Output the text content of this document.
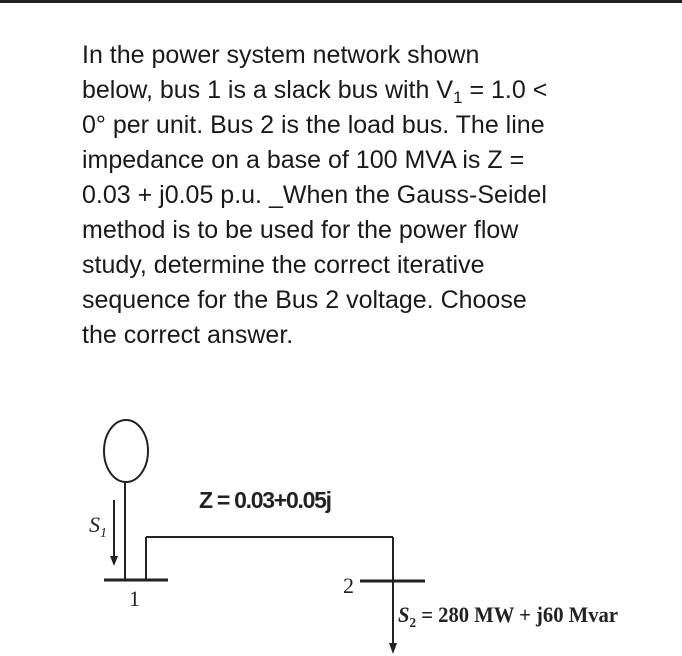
In the power system network shown
below, bus 1 is a slack bus with $V_1 = 1.0$ <
0° per unit. Bus 2 is the load bus. The line
impedance on a base of 100 MVA is Z =
0.03 + j0.05 p.u. _When the Gauss-Seidel
method is to be used for the power flow
study, determine the correct iterative
sequence for the Bus 2 voltage. Choose
the correct answer.
Z = 0.03+0.05j
$S_1$
1
2
$S_2 = 280$ MW + j60 Mvar
